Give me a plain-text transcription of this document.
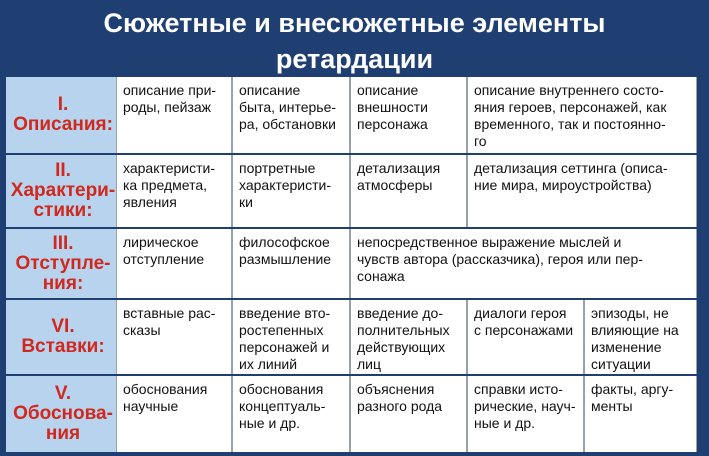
Сюжетные и внесюжетные элементы
ретардации
I.
Описания:
описание при-
роды, пейзаж
описание
быта, интерье-
ра, обстановки
описание
внешности
персонажа
описание внутреннего состо-
яния героев, персонажей, как
временного, так и постоянно-
го
II.
Характери-
стики:
характеристи-
ка предмета,
явления
портретные
характеристи-
ки
детализация
атмосферы
детализация сеттинга (описа-
ние мира, мироустройства)
III.
Отступле-
ния:
лирическое
отступление
философское
размышление
непосредственное выражение мыслей и
чувств автора (рассказчика), героя или пер-
сонажа
VI.
Вставки:
вставные рас-
сказы
введение вто-
ростепенных
персонажей и
их линий
введение до-
полнительных
действующих
лиц
диалоги героя
с персонажами
эпизоды, не
влияющие на
изменение
ситуации
V.
Обоснова-
ния
обоснования
научные
обоснования
концептуаль-
ные и др.
объяснения
разного рода
справки исто-
рические, науч-
ные и др.
факты, аргу-
менты
